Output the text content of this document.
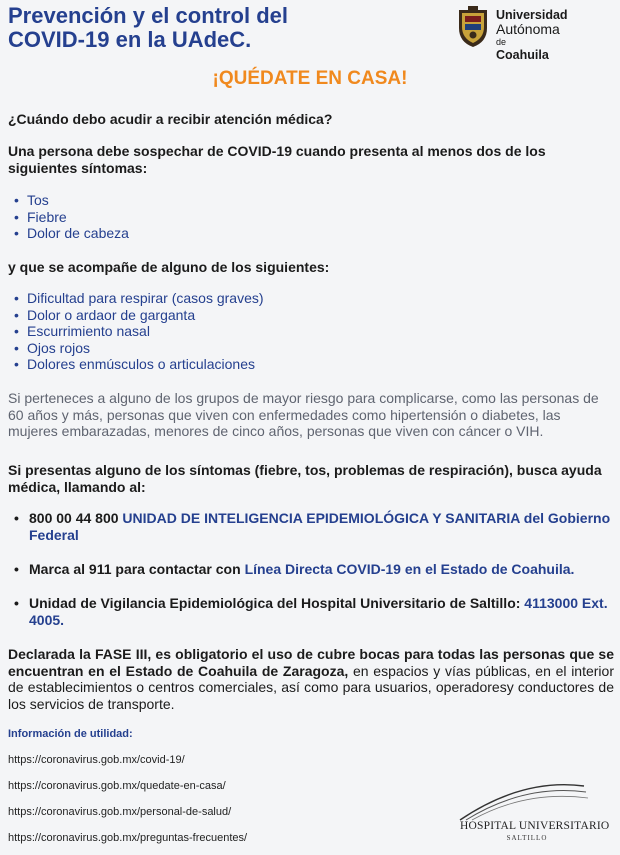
Prevención y el control del
COVID-19 en la UAdeC.
Universidad
Autónoma
de
Coahuila

¡QUÉDATE EN CASA!

¿Cuándo debo acudir a recibir atención médica?

Una persona debe sospechar de COVID-19 cuando presenta al menos dos de los siguientes síntomas:

• Tos
• Fiebre
• Dolor de cabeza

y que se acompañe de alguno de los siguientes:

• Dificultad para respirar (casos graves)
• Dolor o ardaor de garganta
• Escurrimiento nasal
• Ojos rojos
• Dolores enmúsculos o articulaciones

Si perteneces a alguno de los grupos de mayor riesgo para complicarse, como las personas de 60 años y más, personas que viven con enfermedades como hipertensión o diabetes, las mujeres embarazadas, menores de cinco años, personas que viven con cáncer o VIH.

Si presentas alguno de los síntomas (fiebre, tos, problemas de respiración), busca ayuda médica, llamando al:

• 800 00 44 800 UNIDAD DE INTELIGENCIA EPIDEMIOLÓGICA Y SANITARIA del Gobierno Federal
• Marca al 911 para contactar con Línea Directa COVID-19 en el Estado de Coahuila.
• Unidad de Vigilancia Epidemiológica del Hospital Universitario de Saltillo: 4113000 Ext. 4005.

Declarada la FASE III, es obligatorio el uso de cubre bocas para todas las personas que se encuentran en el Estado de Coahuila de Zaragoza, en espacios y vías públicas, en el interior de establecimientos o centros comerciales, así como para usuarios, operadoresy conductores de los servicios de transporte.

Información de utilidad:

https://coronavirus.gob.mx/covid-19/

https://coronavirus.gob.mx/quedate-en-casa/

https://coronavirus.gob.mx/personal-de-salud/

https://coronavirus.gob.mx/preguntas-frecuentes/

HOSPITAL UNIVERSITARIO
SALTILLO
